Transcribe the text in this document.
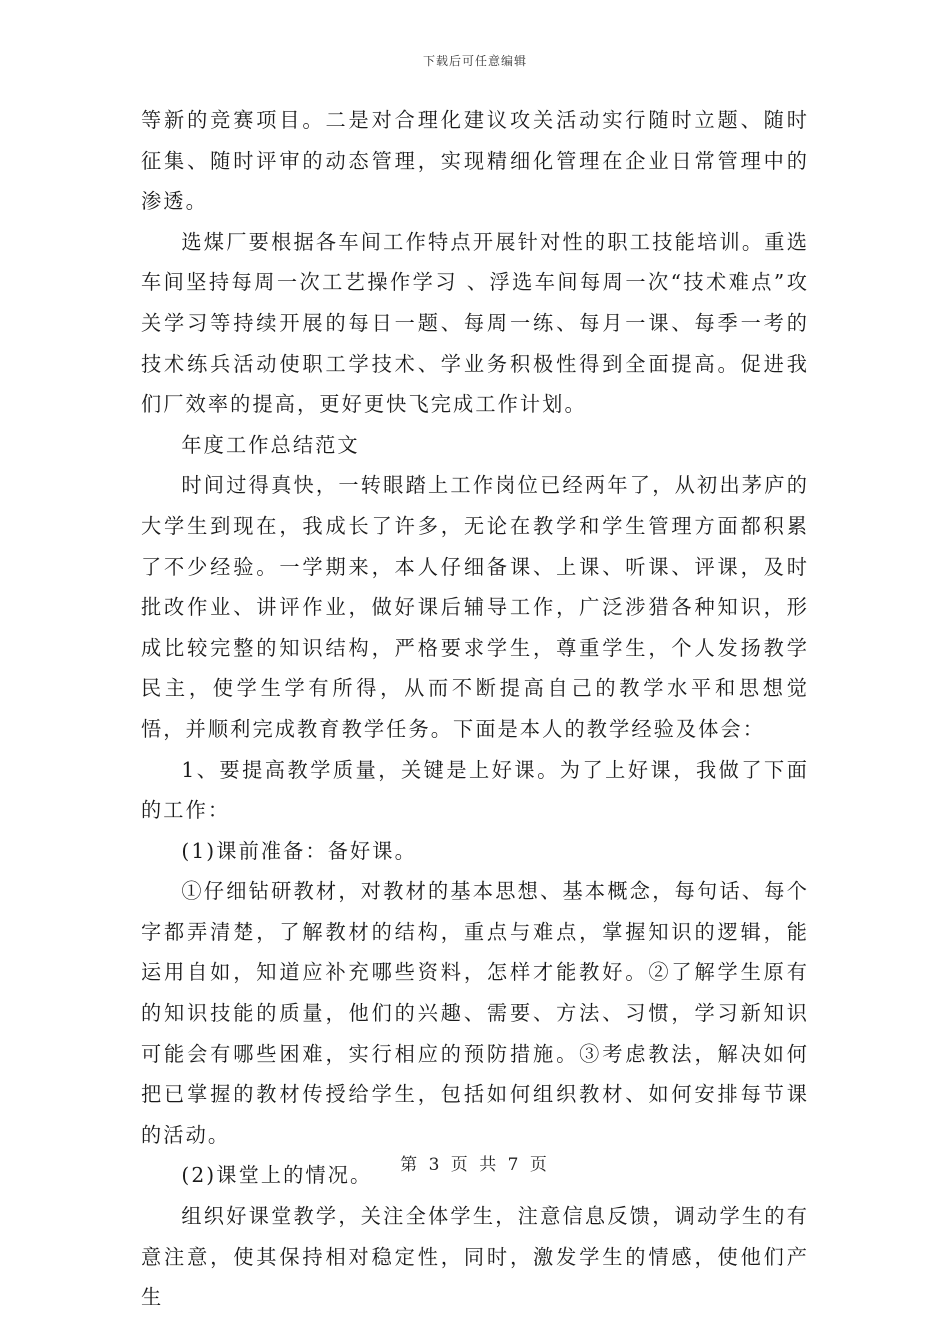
下载后可任意编辑

等新的竞赛项目。二是对合理化建议攻关活动实行随时立题、随时征集、随时评审的动态管理，实现精细化管理在企业日常管理中的渗透。

选煤厂要根据各车间工作特点开展针对性的职工技能培训。重选车间坚持每周一次工艺操作学习 、浮选车间每周一次“技术难点”攻关学习等持续开展的每日一题、每周一练、每月一课、每季一考的技术练兵活动使职工学技术、学业务积极性得到全面提高。促进我们厂效率的提高，更好更快飞完成工作计划。

年度工作总结范文

时间过得真快，一转眼踏上工作岗位已经两年了，从初出茅庐的大学生到现在，我成长了许多，无论在教学和学生管理方面都积累了不少经验。一学期来，本人仔细备课、上课、听课、评课，及时批改作业、讲评作业，做好课后辅导工作，广泛涉猎各种知识，形成比较完整的知识结构，严格要求学生，尊重学生，个人发扬教学民主，使学生学有所得，从而不断提高自己的教学水平和思想觉悟，并顺利完成教育教学任务。下面是本人的教学经验及体会：

1、要提高教学质量，关键是上好课。为了上好课，我做了下面的工作：

(1)课前准备：备好课。

①仔细钻研教材，对教材的基本思想、基本概念，每句话、每个字都弄清楚，了解教材的结构，重点与难点，掌握知识的逻辑，能运用自如，知道应补充哪些资料，怎样才能教好。②了解学生原有的知识技能的质量，他们的兴趣、需要、方法、习惯，学习新知识可能会有哪些困难，实行相应的预防措施。③考虑教法，解决如何把已掌握的教材传授给学生，包括如何组织教材、如何安排每节课的活动。

(2)课堂上的情况。

组织好课堂教学，关注全体学生，注意信息反馈，调动学生的有意注意，使其保持相对稳定性，同时，激发学生的情感，使他们产生

第 3 页 共 7 页
